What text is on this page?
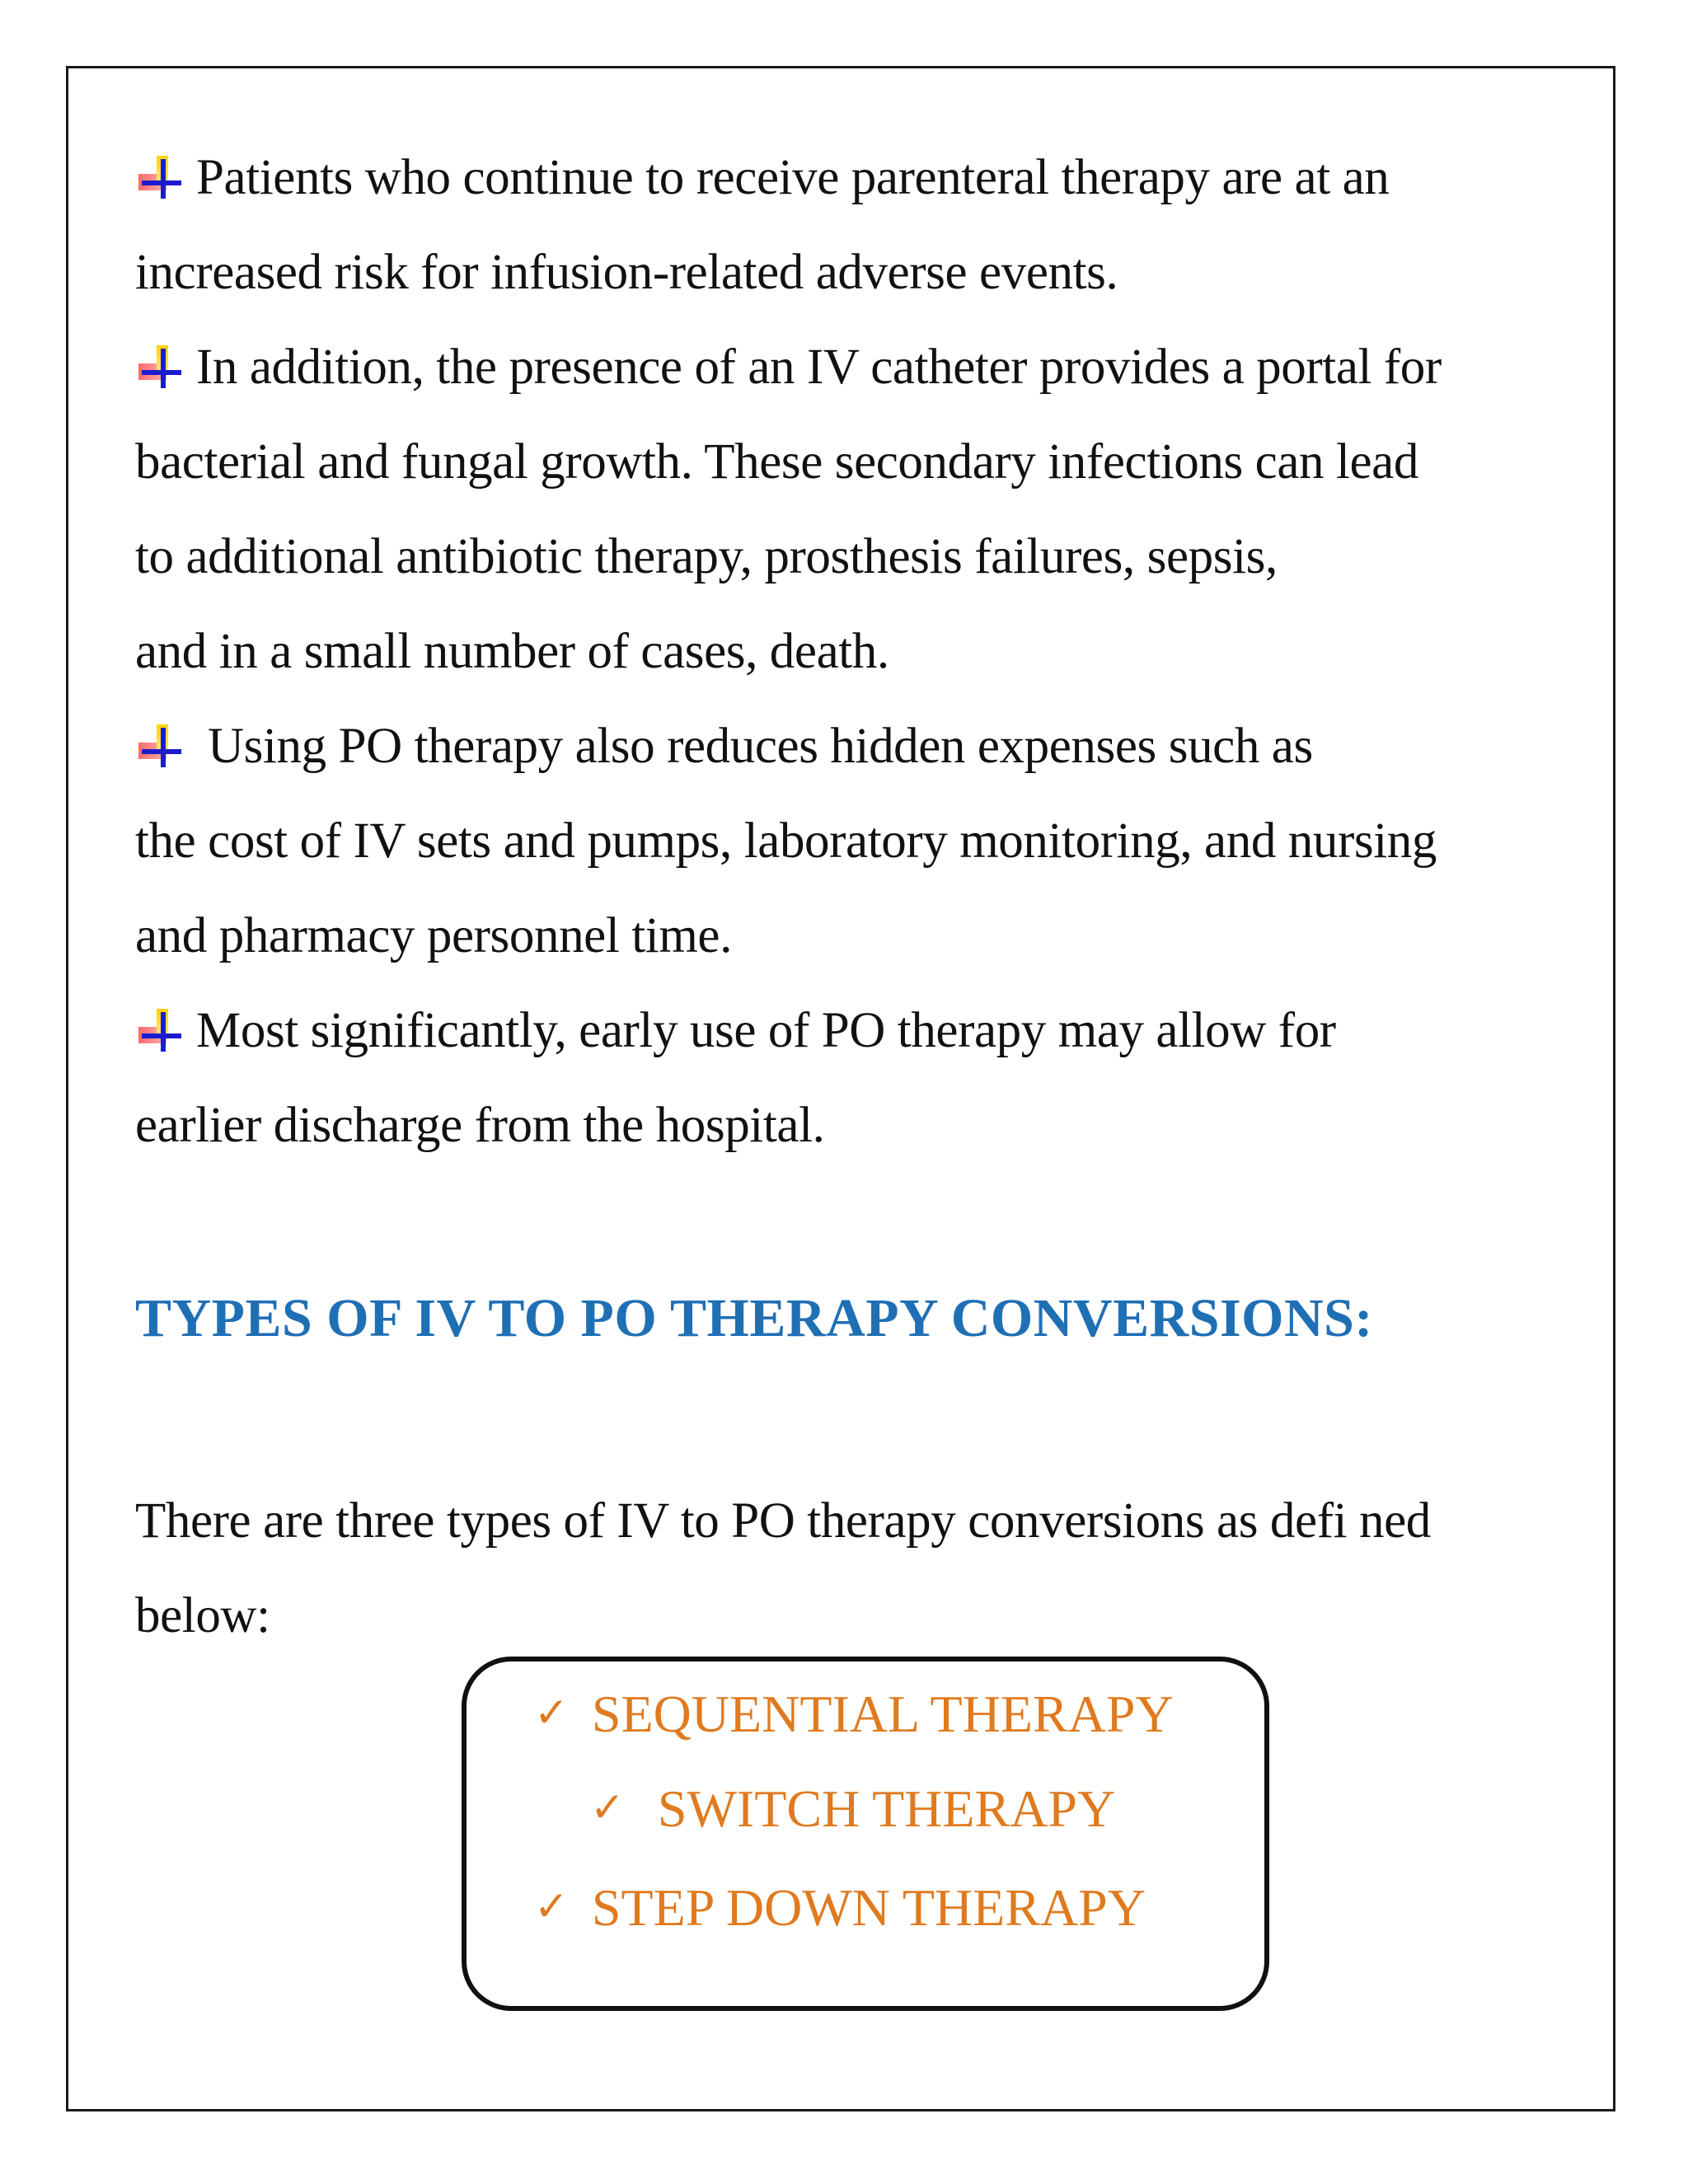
Patients who continue to receive parenteral therapy are at an
increased risk for infusion-related adverse events.
In addition, the presence of an IV catheter provides a portal for
bacterial and fungal growth. These secondary infections can lead
to additional antibiotic therapy, prosthesis failures, sepsis,
and in a small number of cases, death.
Using PO therapy also reduces hidden expenses such as
the cost of IV sets and pumps, laboratory monitoring, and nursing
and pharmacy personnel time.
Most significantly, early use of PO therapy may allow for
earlier discharge from the hospital.
TYPES OF IV TO PO THERAPY CONVERSIONS:
There are three types of IV to PO therapy conversions as defi ned
below:
✓ SEQUENTIAL THERAPY
✓ SWITCH THERAPY
✓ STEP DOWN THERAPY
